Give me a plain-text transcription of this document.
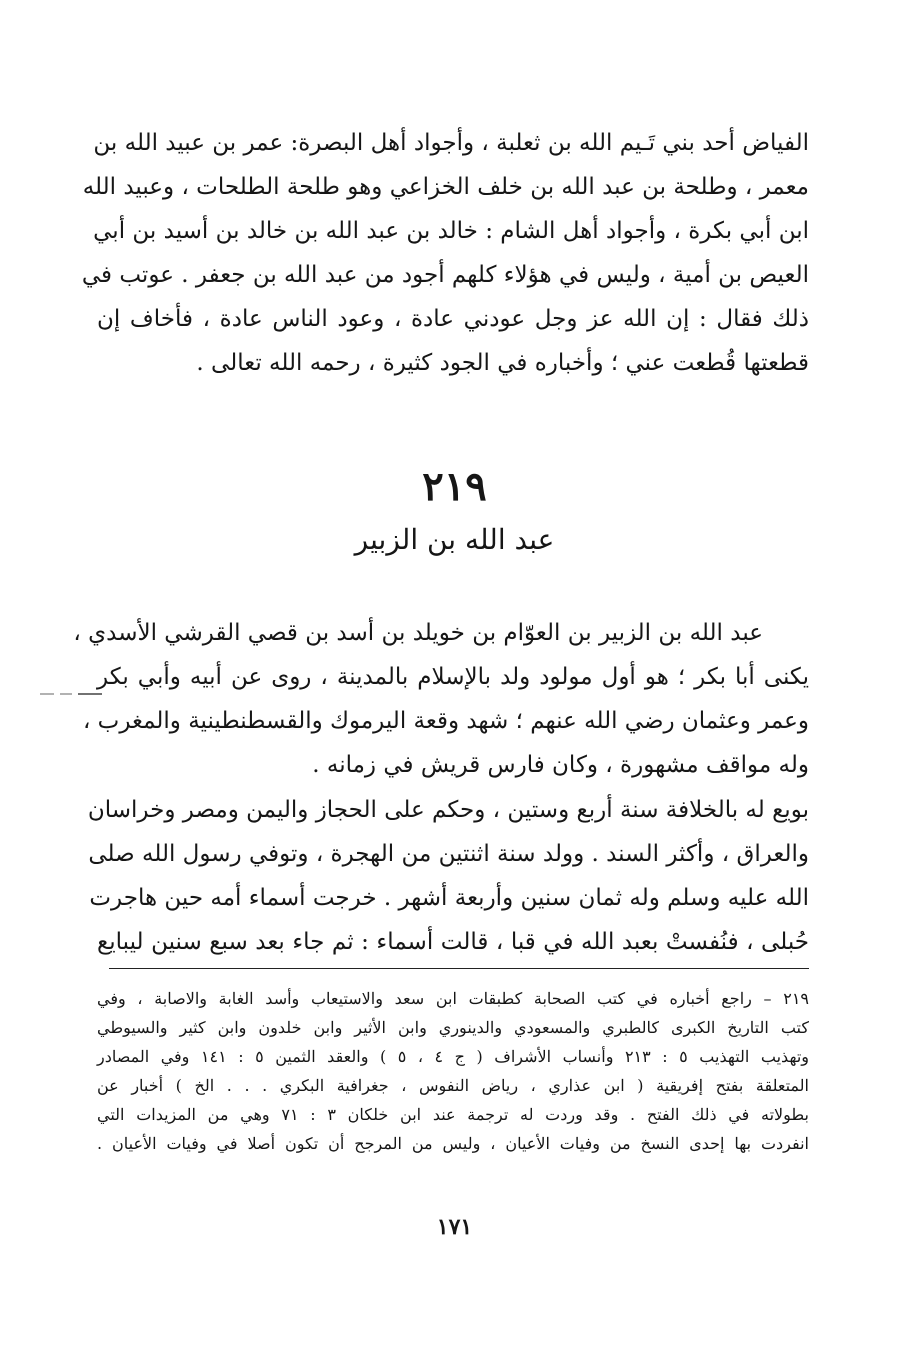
الفياض أحد بني تَـيم الله بن ثعلبة ، وأجواد أهل البصرة: عمر بن عبيد الله بن
معمر ، وطلحة بن عبد الله بن خلف الخزاعي وهو طلحة الطلحات ، وعبيد الله
ابن أبي بكرة ، وأجواد أهل الشام : خالد بن عبد الله بن خالد بن أسيد بن أبي
العيص بن أمية ، وليس في هؤلاء كلهم أجود من عبد الله بن جعفر . عوتب في
ذلك فقال : إن الله عز وجل عودني عادة ، وعود الناس عادة ، فأخاف إن
قطعتها قُطعت عني ؛ وأخباره في الجود كثيرة ، رحمه الله تعالى .
٢١٩
عبد الله بن الزبير
عبد الله بن الزبير بن العوّام بن خويلد بن أسد بن قصي القرشي الأسدي ،
يكنى أبا بكر ؛ هو أول مولود ولد بالإسلام بالمدينة ، روى عن أبيه وأبي بكر
وعمر وعثمان رضي الله عنهم ؛ شهد وقعة اليرموك والقسطنطينية والمغرب ،
وله مواقف مشهورة ، وكان فارس قريش في زمانه .
بويع له بالخلافة سنة أربع وستين ، وحكم على الحجاز واليمن ومصر وخراسان
والعراق ، وأكثر السند . وولد سنة اثنتين من الهجرة ، وتوفي رسول الله صلى
الله عليه وسلم وله ثمان سنين وأربعة أشهر . خرجت أسماء أمه حين هاجرت
حُبلى ، فنُفستْ بعبد الله في قبا ، قالت أسماء : ثم جاء بعد سبع سنين ليبايع
٢١٩ – راجع أخباره في كتب الصحابة كطبقات ابن سعد والاستيعاب وأسد الغابة والاصابة ، وفي
كتب التاريخ الكبرى كالطبري والمسعودي والدينوري وابن الأثير وابن خلدون وابن كثير والسيوطي
وتهذيب التهذيب ٥ : ٢١٣ وأنساب الأشراف ( ج ٤ ، ٥ ) والعقد الثمين ٥ : ١٤١ وفي المصادر
المتعلقة بفتح إفريقية ( ابن عذاري ، رياض النفوس ، جغرافية البكري . . . الخ ) أخبار عن
بطولاته في ذلك الفتح . وقد وردت له ترجمة عند ابن خلكان ٣ : ٧١ وهي من المزيدات التي
انفردت بها إحدى النسخ من وفيات الأعيان ، وليس من المرجح أن تكون أصلا في وفيات الأعيان .
١٧١
